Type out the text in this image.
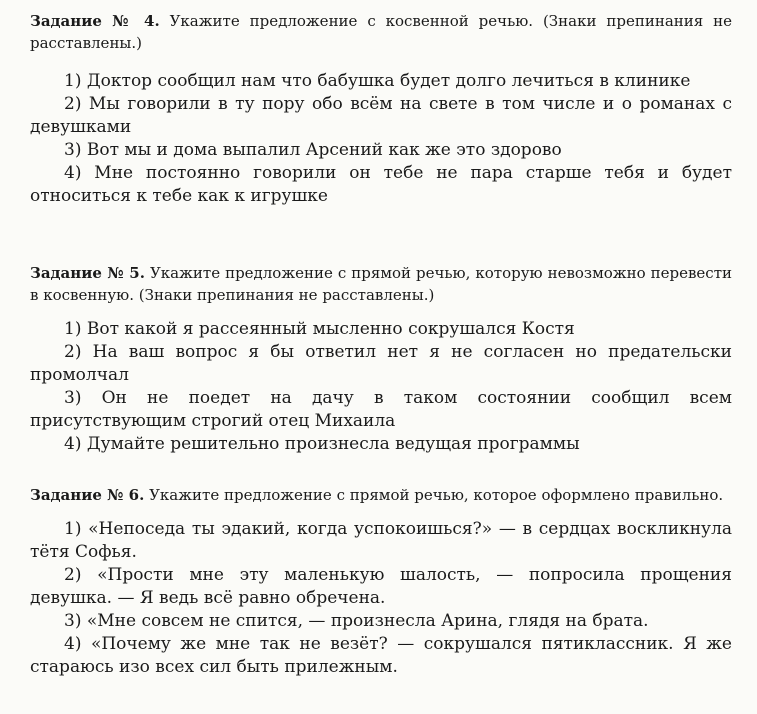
Задание № 4. Укажите предложение с косвенной речью. (Знаки препинания не расставлены.)
1) Доктор сообщил нам что бабушка будет долго лечиться в клинике
2) Мы говорили в ту пору обо всём на свете в том числе и о романах с девушками
3) Вот мы и дома выпалил Арсений как же это здорово
4) Мне постоянно говорили он тебе не пара старше тебя и будет относиться к тебе как к игрушке
Задание № 5. Укажите предложение с прямой речью, которую невозможно перевести в косвенную. (Знаки препинания не расставлены.)
1) Вот какой я рассеянный мысленно сокрушался Костя
2) На ваш вопрос я бы ответил нет я не согласен но предательски промолчал
3) Он не поедет на дачу в таком состоянии сообщил всем присутствующим строгий отец Михаила
4) Думайте решительно произнесла ведущая программы
Задание № 6. Укажите предложение с прямой речью, которое оформлено правильно.
1) «Непоседа ты эдакий, когда успокоишься?» — в сердцах воскликнула тётя Софья.
2) «Прости мне эту маленькую шалость, — попросила прощения девушка. — Я ведь всё равно обречена.
3) «Мне совсем не спится, — произнесла Арина, глядя на брата.
4) «Почему же мне так не везёт? — сокрушался пятиклассник. Я же стараюсь изо всех сил быть прилежным.
